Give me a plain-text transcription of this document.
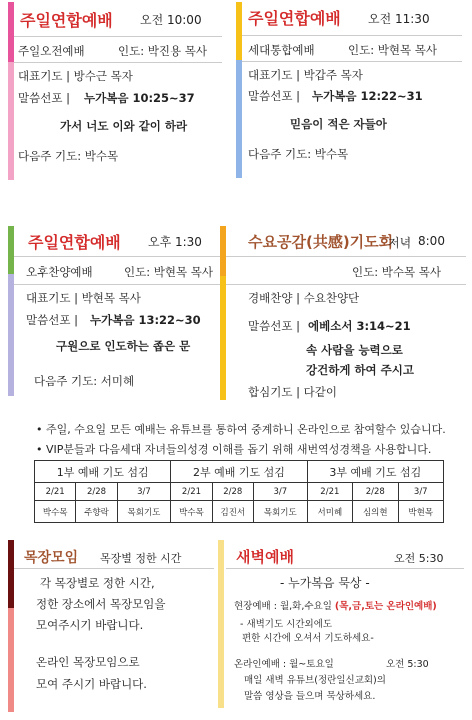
주일연합예배 오전 10:00
주일오전예배	인도: 박진용 목사
대표기도 | 방수근 목자
말씀선포 | 누가복음 10:25~37
가서 너도 이와 같이 하라
다음주 기도: 박수목
주일연합예배 오전 11:30
세대통합예배	인도: 박현목 목사
대표기도 | 박갑주 목자
말씀선포 | 누가복음 12:22~31
믿음이 적은 자들아
다음주 기도: 박수목
주일연합예배 오후 1:30
오후찬양예배	인도: 박현목 목사
대표기도 | 박현목 목사
말씀선포 | 누가복음 13:22~30
구원으로 인도하는 좁은 문
다음주 기도: 서미혜
수요공감(共感)기도회
저녁 8:00
인도: 박수목 목사
경배찬양 | 수요찬양단
말씀선포 | 에베소서 3:14~21
속 사람을 능력으로
강건하게 하여 주시고
합심기도 | 다같이
• 주일, 수요일 모든 예배는 유튜브를 통하여 중계하니 온라인으로 참여할수 있습니다.
• VIP분들과 다음세대 자녀들의성경 이해를 돕기 위해 새번역성경책을 사용합니다.
1부 예배 기도 섬김			2부 예배 기도 섬김			3부 예배 기도 섬김		
2/21	2/28	3/7	2/21	2/28	3/7	2/21	2/28	3/7
박수목	주향락	목회기도	박수목	김진서	목회기도	서미혜	심의현	박현목
목장모임 목장별 정한 시간
각 목장별로 정한 시간,
정한 장소에서 목장모임을
모여주시기 바랍니다.
온라인 목장모임으로
모여 주시기 바랍니다.
새벽예배	오전 5:30
- 누가복음 묵상 -
현장예배 : 월,화,수요일 (목,금,토는 온라인예배)
- 새벽기도 시간외에도
편한 시간에 오셔서 기도하세요-
온라인예배 : 월~토요일	오전 5:30
매일 새벽 유튜브(정란일신교회)의
말씀 영상을 들으며 묵상하세요.
